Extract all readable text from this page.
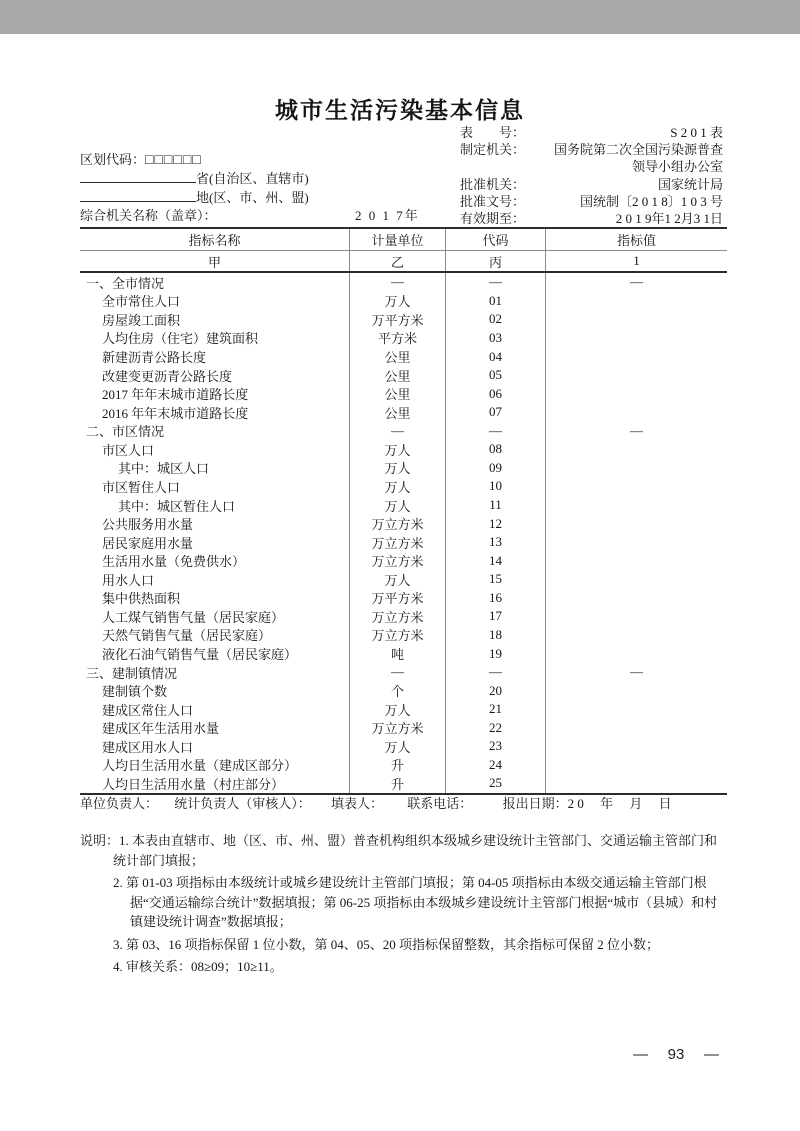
城市生活污染基本信息
区划代码：□□□□□□
省(自治区、直辖市)
地(区、市、州、盟)
综合机关名称（盖章）：	2 0 1 7年
表　　号：	S 2 0 1 表
制定机关： 国务院第二次全国污染源普查
领导小组办公室
批准机关：	国家统计局
批准文号：	国统制〔2 0 1 8〕1 0 3 号
有效期至：	2 0 1 9年1 2月3 1日
指标名称	计量单位	代码	指标值
甲	乙	丙	1
一、全市情况	—	—	—
全市常住人口	万人	01
房屋竣工面积	万平方米	02
人均住房（住宅）建筑面积	平方米	03
新建沥青公路长度	公里	04
改建变更沥青公路长度	公里	05
2017 年年末城市道路长度	公里	06
2016 年年末城市道路长度	公里	07
二、市区情况	—	—	—
市区人口	万人	08
其中：城区人口	万人	09
市区暂住人口	万人	10
其中：城区暂住人口	万人	11
公共服务用水量	万立方米	12
居民家庭用水量	万立方米	13
生活用水量（免费供水）	万立方米	14
用水人口	万人	15
集中供热面积	万平方米	16
人工煤气销售气量（居民家庭）	万立方米	17
天然气销售气量（居民家庭）	万立方米	18
液化石油气销售气量（居民家庭）	吨	19
三、建制镇情况	—	—	—
建制镇个数	个	20
建成区常住人口	万人	21
建成区年生活用水量	万立方米	22
建成区用水人口	万人	23
人均日生活用水量（建成区部分）	升	24
人均日生活用水量（村庄部分）	升	25
单位负责人： 统计负责人（审核人）： 填表人： 联系电话： 报出日期：2 0　 年　 月　 日
说明：1. 本表由直辖市、地（区、市、州、盟）普查机构组织本级城乡建设统计主管部门、交通运输主管部门和统计部门填报；
2. 第 01-03 项指标由本级统计或城乡建设统计主管部门填报；第 04-05 项指标由本级交通运输主管部门根据“交通运输综合统计”数据填报；第 06-25 项指标由本级城乡建设统计主管部门根据“城市（县城）和村镇建设统计调查”数据填报；
3. 第 03、16 项指标保留 1 位小数，第 04、05、20 项指标保留整数，其余指标可保留 2 位小数；
4. 审核关系：08≥09；10≥11。
— 93 —
